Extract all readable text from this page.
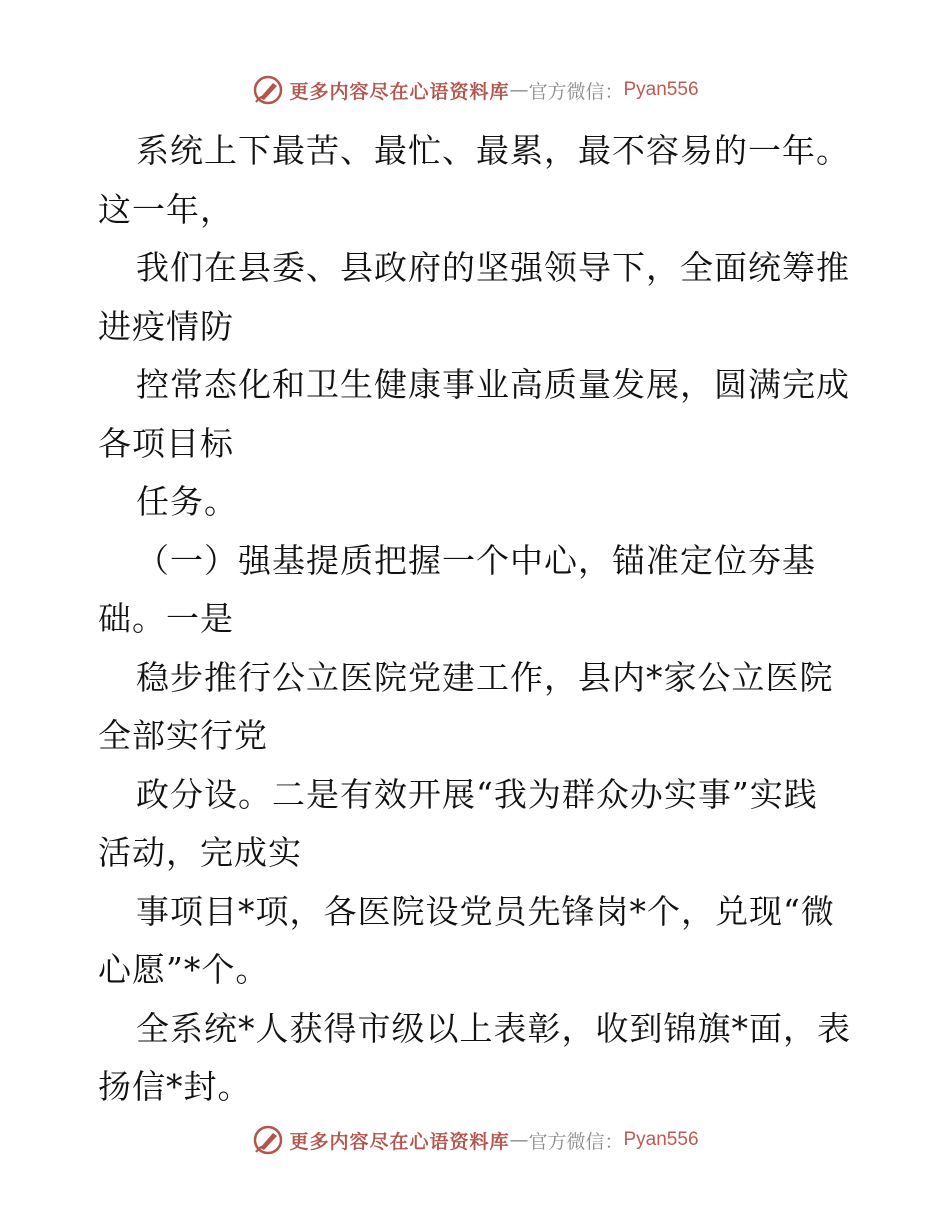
更多内容尽在心语资料库 — 官方微信： Pyan556
系统上下最苦、最忙、最累，最不容易的一年。
这一年，
我们在县委、县政府的坚强领导下，全面统筹推
进疫情防
控常态化和卫生健康事业高质量发展，圆满完成
各项目标
任务。
（一）强基提质把握一个中心，锚准定位夯基
础。一是
稳步推行公立医院党建工作，县内*家公立医院
全部实行党
政分设。二是有效开展“我为群众办实事”实践
活动，完成实
事项目*项，各医院设党员先锋岗*个，兑现“微
心愿”*个。
全系统*人获得市级以上表彰，收到锦旗*面，表
扬信*封。
更多内容尽在心语资料库 — 官方微信： Pyan556
